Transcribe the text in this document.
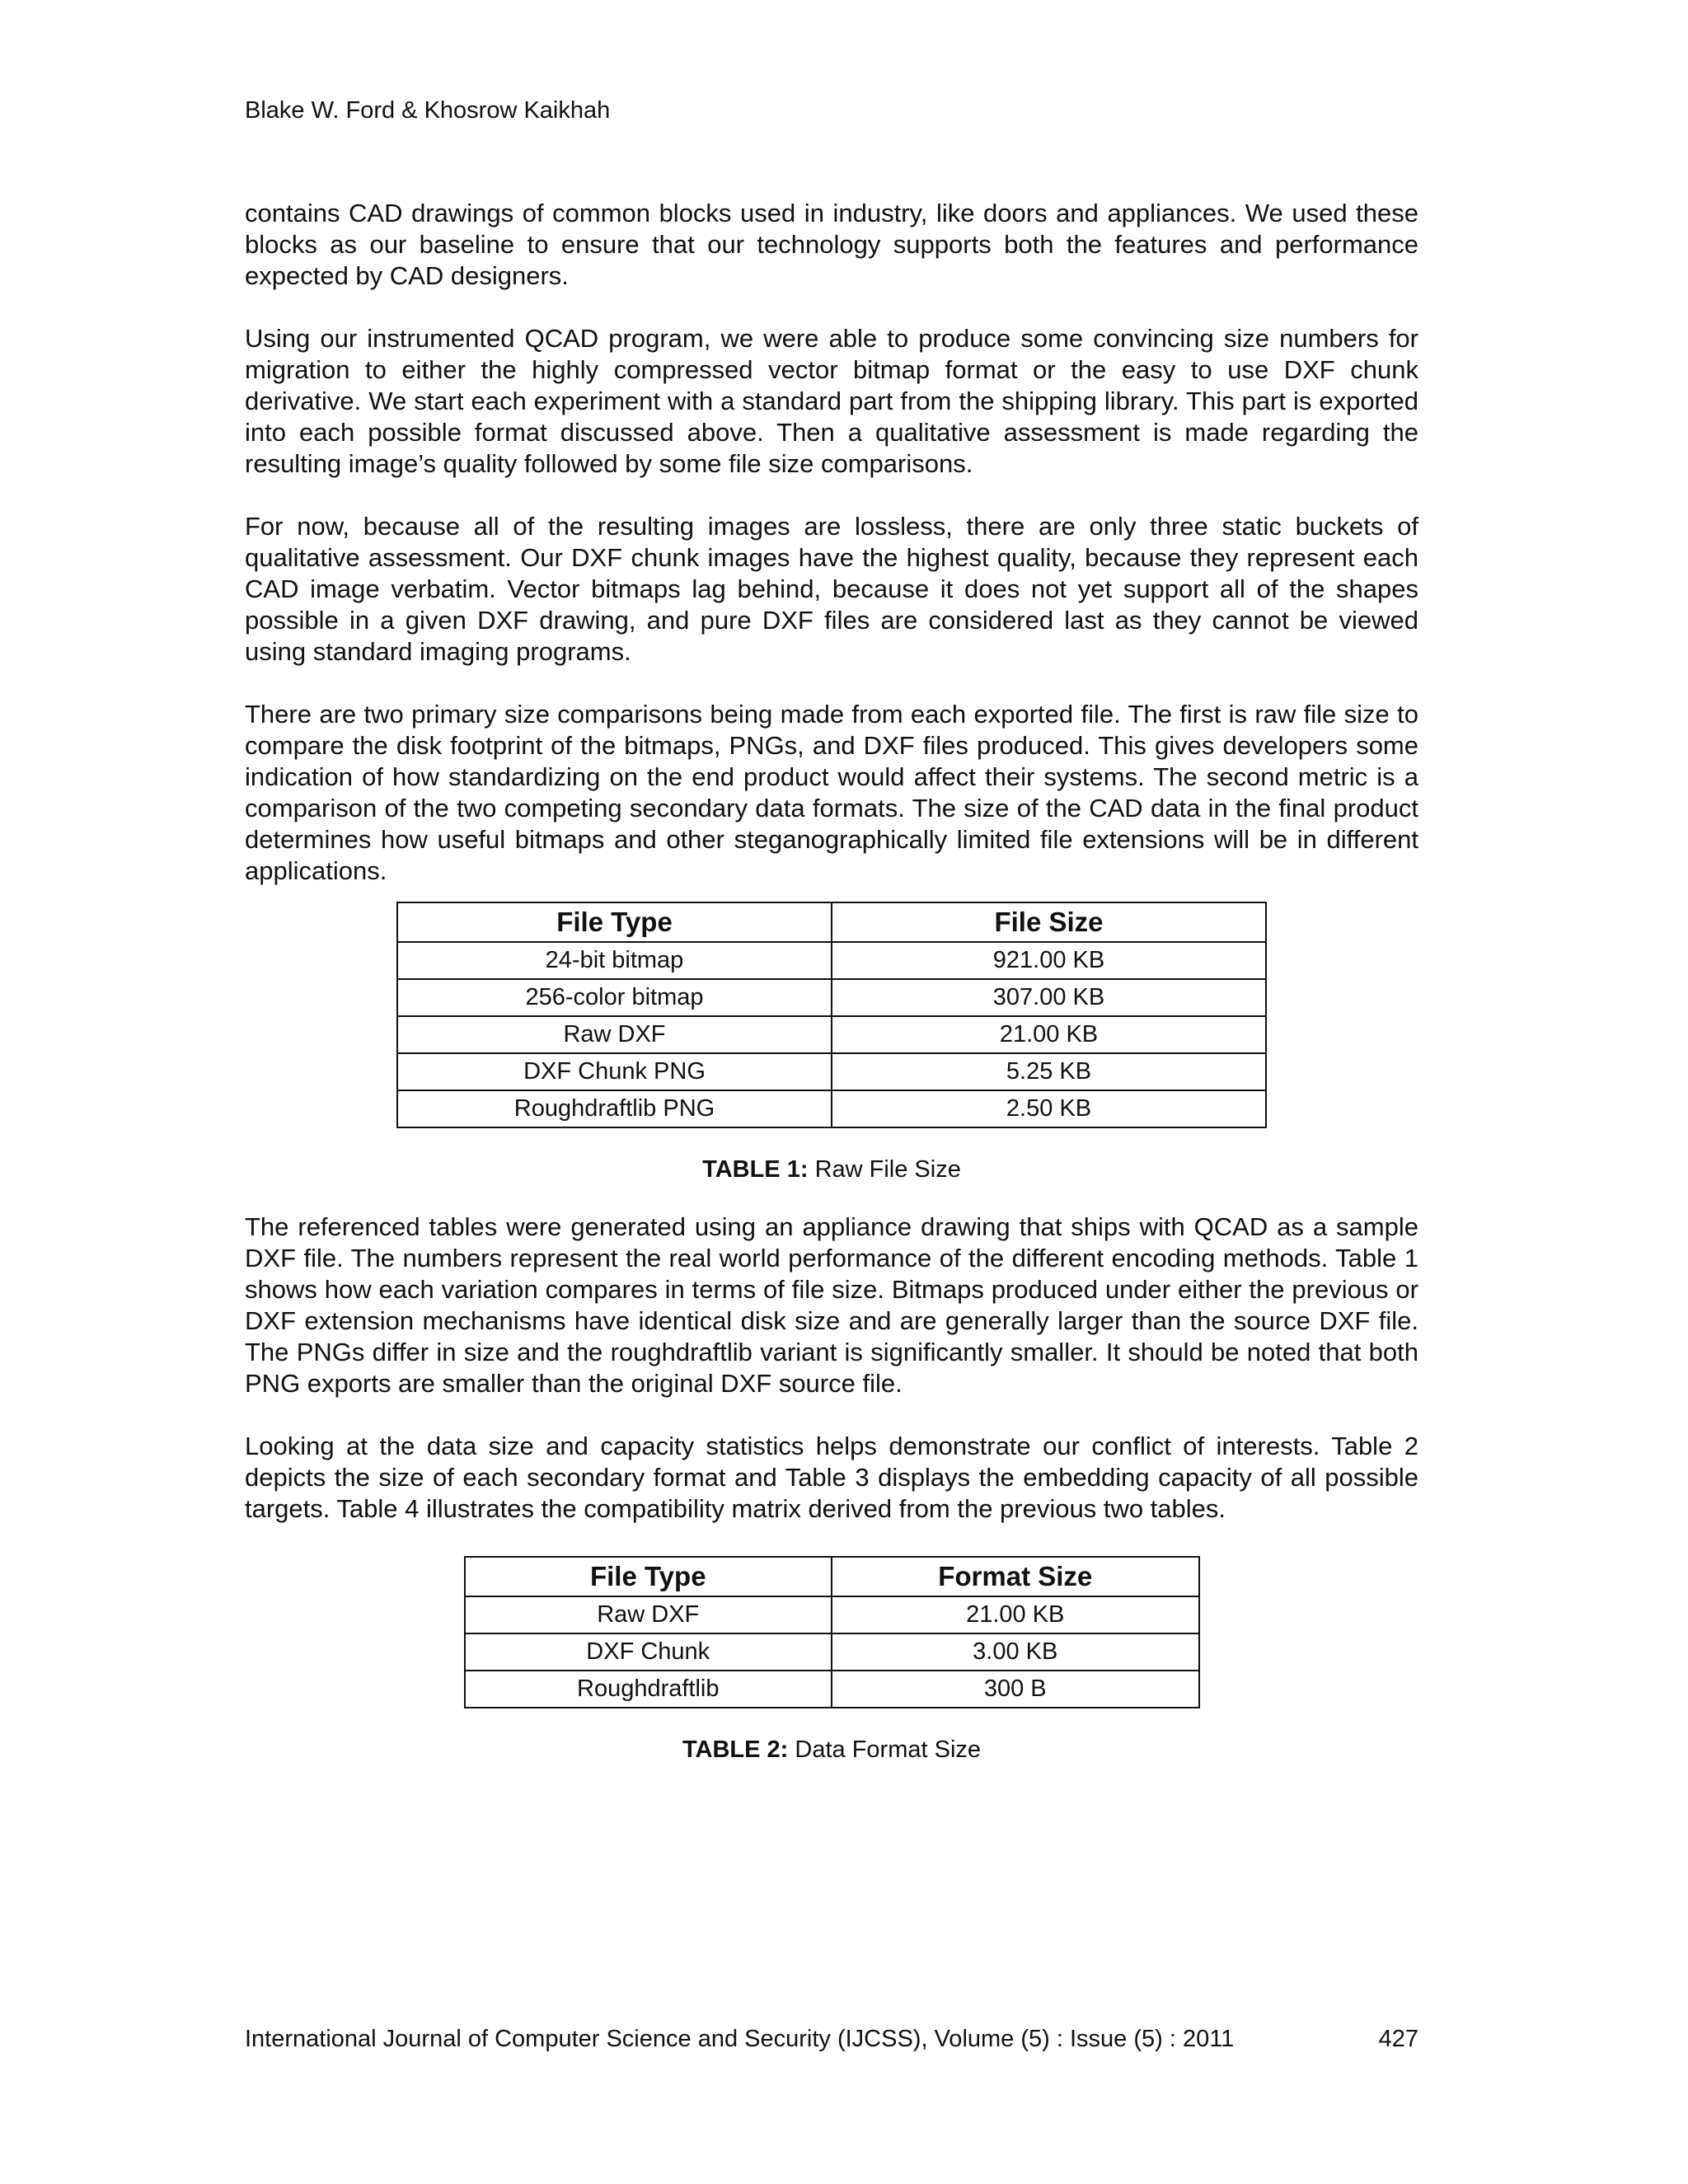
Blake W. Ford & Khosrow Kaikhah

contains CAD drawings of common blocks used in industry, like doors and appliances. We used these blocks as our baseline to ensure that our technology supports both the features and performance expected by CAD designers.

Using our instrumented QCAD program, we were able to produce some convincing size numbers for migration to either the highly compressed vector bitmap format or the easy to use DXF chunk derivative. We start each experiment with a standard part from the shipping library. This part is exported into each possible format discussed above. Then a qualitative assessment is made regarding the resulting image’s quality followed by some file size comparisons.

For now, because all of the resulting images are lossless, there are only three static buckets of qualitative assessment. Our DXF chunk images have the highest quality, because they represent each CAD image verbatim. Vector bitmaps lag behind, because it does not yet support all of the shapes possible in a given DXF drawing, and pure DXF files are considered last as they cannot be viewed using standard imaging programs.

There are two primary size comparisons being made from each exported file. The first is raw file size to compare the disk footprint of the bitmaps, PNGs, and DXF files produced. This gives developers some indication of how standardizing on the end product would affect their systems. The second metric is a comparison of the two competing secondary data formats. The size of the CAD data in the final product determines how useful bitmaps and other steganographically limited file extensions will be in different applications.

File Type	File Size
24-bit bitmap	921.00 KB
256-color bitmap	307.00 KB
Raw DXF	21.00 KB
DXF Chunk PNG	5.25 KB
Roughdraftlib PNG	2.50 KB
TABLE 1: Raw File Size

The referenced tables were generated using an appliance drawing that ships with QCAD as a sample DXF file. The numbers represent the real world performance of the different encoding methods. Table 1 shows how each variation compares in terms of file size. Bitmaps produced under either the previous or DXF extension mechanisms have identical disk size and are generally larger than the source DXF file. The PNGs differ in size and the roughdraftlib variant is significantly smaller. It should be noted that both PNG exports are smaller than the original DXF source file.

Looking at the data size and capacity statistics helps demonstrate our conflict of interests. Table 2 depicts the size of each secondary format and Table 3 displays the embedding capacity of all possible targets. Table 4 illustrates the compatibility matrix derived from the previous two tables.

File Type	Format Size
Raw DXF	21.00 KB
DXF Chunk	3.00 KB
Roughdraftlib	300 B
TABLE 2: Data Format Size
International Journal of Computer Science and Security (IJCSS), Volume (5) : Issue (5) : 2011	427
